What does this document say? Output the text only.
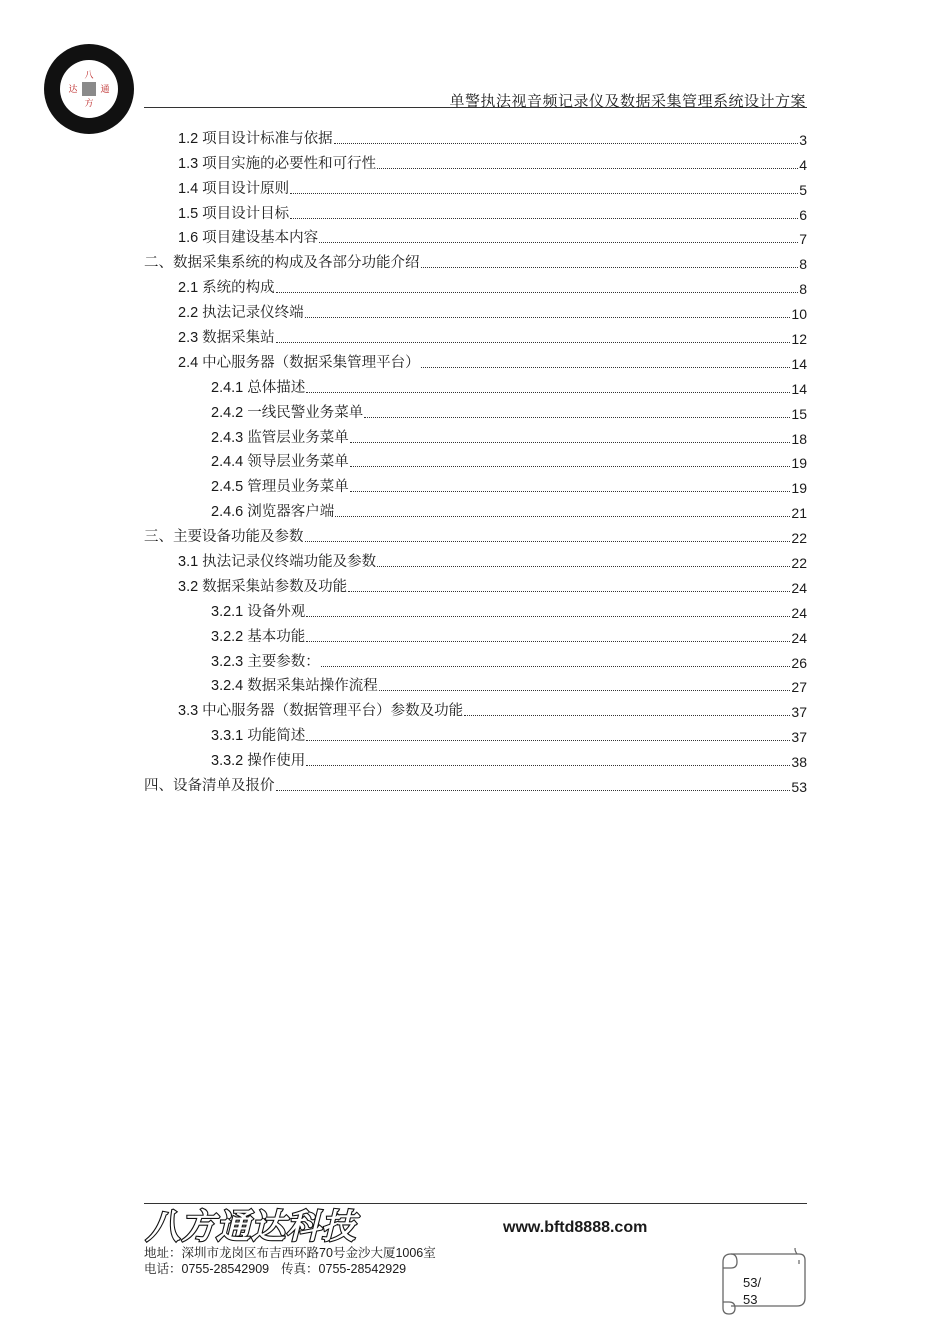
八
达	通
方	单警执法视音频记录仪及数据采集管理系统设计方案
1.2 项目设计标准与依据	3
1.3 项目实施的必要性和可行性	4
1.4 项目设计原则	5
1.5 项目设计目标	6
1.6 项目建设基本内容	7
二、数据采集系统的构成及各部分功能介绍	8
2.1 系统的构成	8
2.2 执法记录仪终端	10
2.3 数据采集站	12
2.4 中心服务器（数据采集管理平台）	14
2.4.1 总体描述	14
2.4.2 一线民警业务菜单	15
2.4.3 监管层业务菜单	18
2.4.4 领导层业务菜单	19
2.4.5 管理员业务菜单	19
2.4.6 浏览器客户端	21
三、主要设备功能及参数	22
3.1 执法记录仪终端功能及参数	22
3.2 数据采集站参数及功能	24
3.2.1 设备外观	24
3.2.2 基本功能	24
3.2.3 主要参数：	26
3.2.4 数据采集站操作流程	27
3.3 中心服务器（数据管理平台）参数及功能	37
3.3.1 功能简述	37
3.3.2 操作使用	38
四、设备清单及报价	53
八方通达科技	www.bftd8888.com
地址：深圳市龙岗区布吉西环路70号金沙大厦1006室
电话：0755-28542909 传真：0755-28542929
53/
53
